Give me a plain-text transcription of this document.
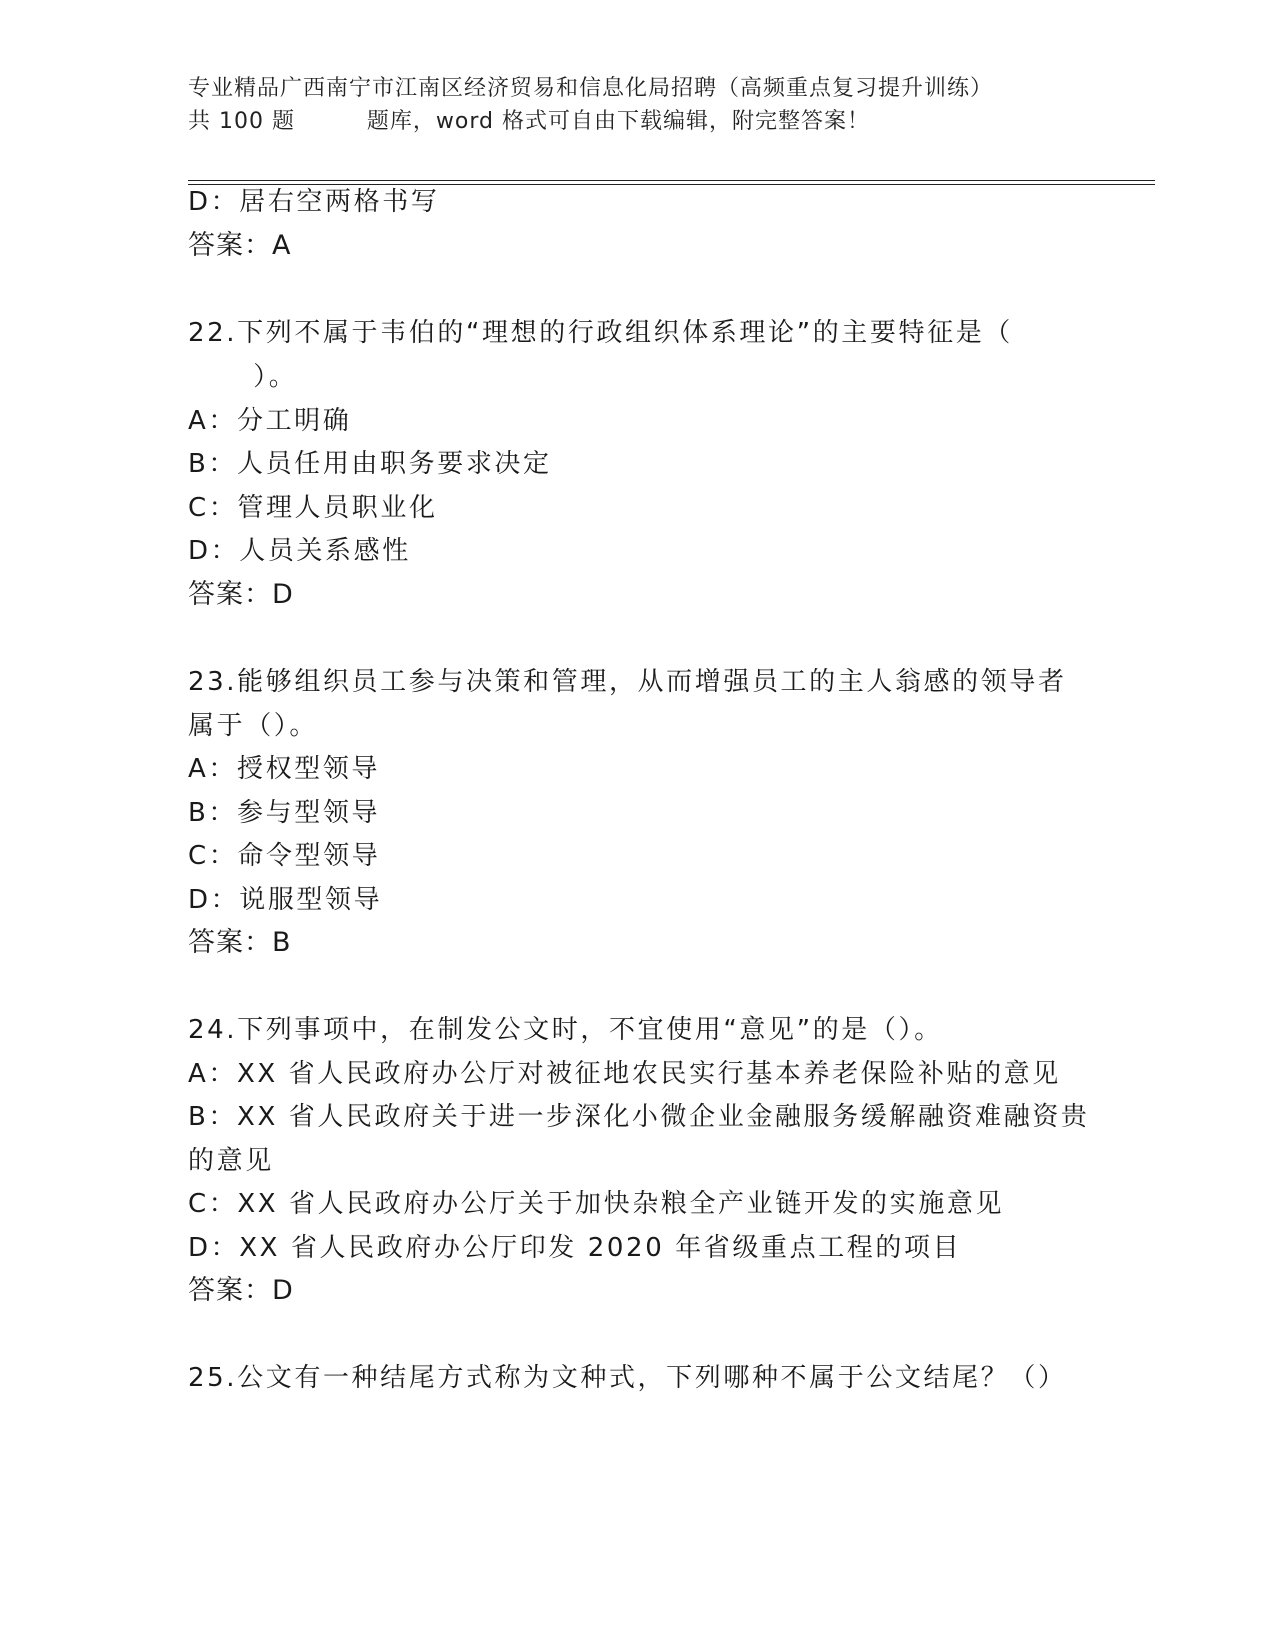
专业精品广西南宁市江南区经济贸易和信息化局招聘（高频重点复习提升训练）
共 100 题         题库，word 格式可自由下载编辑，附完整答案！
D：居右空两格书写
答案：A
22.下列不属于韦伯的“理想的行政组织体系理论”的主要特征是（
）。
A：分工明确
B：人员任用由职务要求决定
C：管理人员职业化
D：人员关系感性
答案：D
23.能够组织员工参与决策和管理，从而增强员工的主人翁感的领导者
属于（）。
A：授权型领导
B：参与型领导
C：命令型领导
D：说服型领导
答案：B
24.下列事项中，在制发公文时，不宜使用“意见”的是（）。
A：XX 省人民政府办公厅对被征地农民实行基本养老保险补贴的意见
B：XX 省人民政府关于进一步深化小微企业金融服务缓解融资难融资贵
的意见
C：XX 省人民政府办公厅关于加快杂粮全产业链开发的实施意见
D：XX 省人民政府办公厅印发 2020 年省级重点工程的项目
答案：D
25.公文有一种结尾方式称为文种式，下列哪种不属于公文结尾？（）
